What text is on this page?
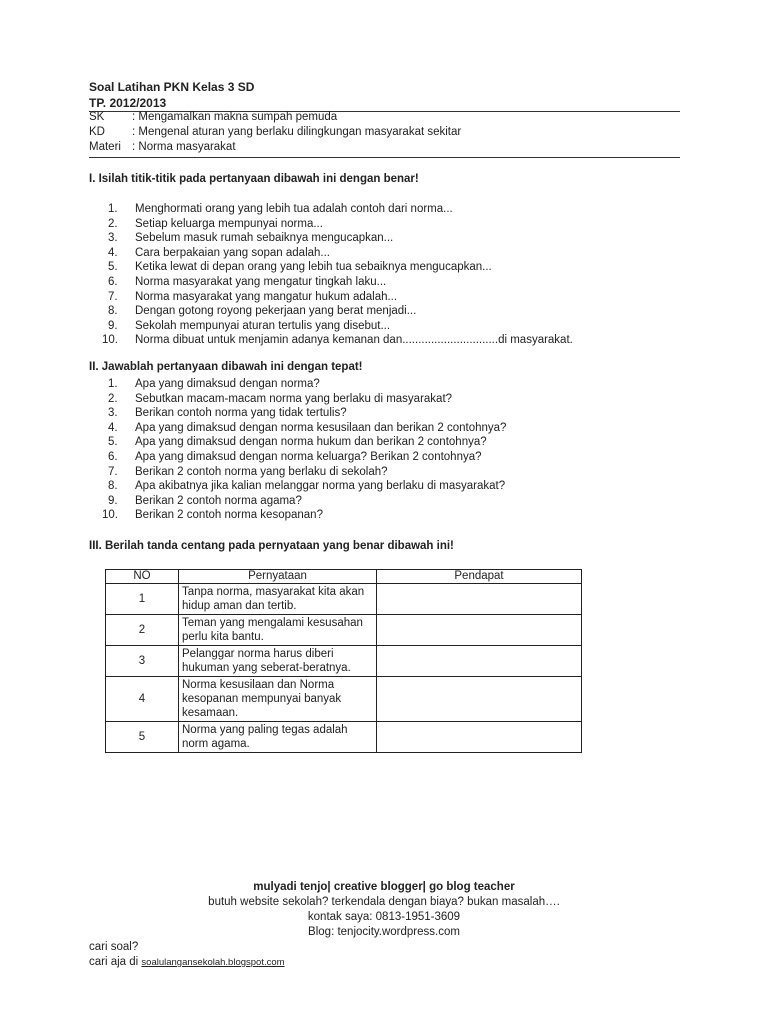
Soal Latihan PKN Kelas 3 SD
TP. 2012/2013
SK : Mengamalkan makna sumpah pemuda
KD : Mengenal aturan yang berlaku dilingkungan masyarakat sekitar
Materi : Norma masyarakat
I. Isilah titik-titik pada pertanyaan dibawah ini dengan benar!
1. Menghormati orang yang lebih tua adalah contoh dari norma...
2. Setiap keluarga mempunyai norma...
3. Sebelum masuk rumah sebaiknya mengucapkan...
4. Cara berpakaian yang sopan adalah...
5. Ketika lewat di depan orang yang lebih tua sebaiknya mengucapkan...
6. Norma masyarakat yang mengatur tingkah laku...
7. Norma masyarakat yang mangatur hukum adalah...
8. Dengan gotong royong pekerjaan yang berat menjadi...
9. Sekolah mempunyai aturan tertulis yang disebut...
10. Norma dibuat untuk menjamin adanya kemanan dan..............................di masyarakat.
II. Jawablah pertanyaan dibawah ini dengan tepat!
1. Apa yang dimaksud dengan norma?
2. Sebutkan macam-macam norma yang berlaku di masyarakat?
3. Berikan contoh norma yang tidak tertulis?
4. Apa yang dimaksud dengan norma kesusilaan dan berikan 2 contohnya?
5. Apa yang dimaksud dengan norma hukum dan berikan 2 contohnya?
6. Apa yang dimaksud dengan norma keluarga? Berikan 2 contohnya?
7. Berikan 2 contoh norma yang berlaku di sekolah?
8. Apa akibatnya jika kalian melanggar norma yang berlaku di masyarakat?
9. Berikan 2 contoh norma agama?
10. Berikan 2 contoh norma kesopanan?
III. Berilah tanda centang pada pernyataan yang benar dibawah ini!
NO	Pernyataan	Pendapat
1	Tanpa norma, masyarakat kita akan hidup aman dan tertib.	
2	Teman yang mengalami kesusahan perlu kita bantu.	
3	Pelanggar norma harus diberi hukuman yang seberat-beratnya.	
4	Norma kesusilaan dan Norma kesopanan mempunyai banyak kesamaan.	
5	Norma yang paling tegas adalah norm agama.	
mulyadi tenjo| creative blogger| go blog teacher
butuh website sekolah? terkendala dengan biaya? bukan masalah….
kontak saya: 0813-1951-3609
Blog: tenjocity.wordpress.com
cari soal?
cari aja di soalulangansekolah.blogspot.com
